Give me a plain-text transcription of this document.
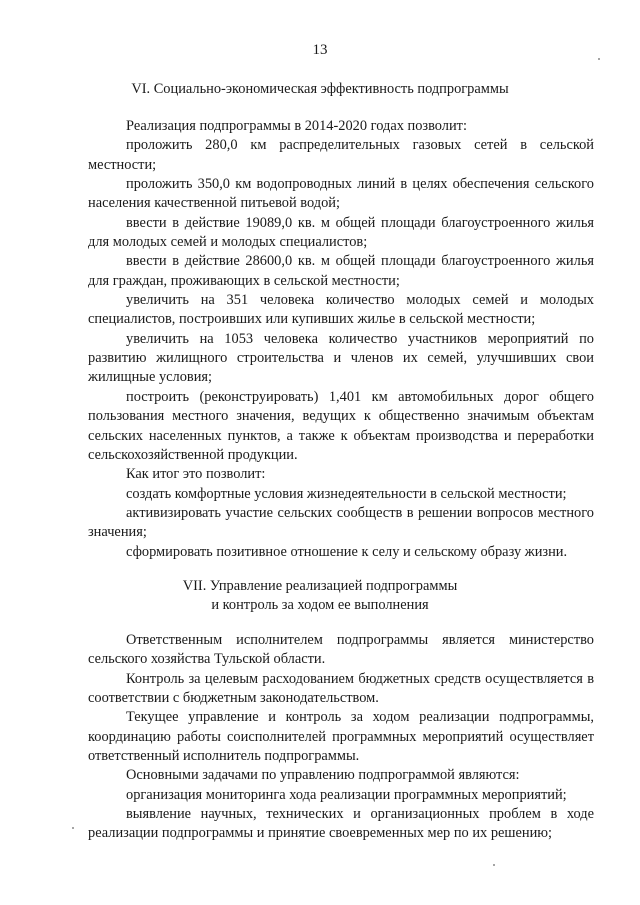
13
VI. Социально-экономическая эффективность подпрограммы

Реализация подпрограммы в 2014-2020 годах позволит:

проложить 280,0 км распределительных газовых сетей в сельской местности;

проложить 350,0 км водопроводных линий в целях обеспечения сельского населения качественной питьевой водой;

ввести в действие 19089,0 кв. м общей площади благоустроенного жилья для молодых семей и молодых специалистов;

ввести в действие 28600,0 кв. м общей площади благоустроенного жилья для граждан, проживающих в сельской местности;

увеличить на 351 человека количество молодых семей и молодых специалистов, построивших или купивших жилье в сельской местности;

увеличить на 1053 человека количество участников мероприятий по развитию жилищного строительства и членов их семей, улучшивших свои жилищные условия;

построить (реконструировать) 1,401 км автомобильных дорог общего пользования местного значения, ведущих к общественно значимым объектам сельских населенных пунктов, а также к объектам производства и переработки сельскохозяйственной продукции.

Как итог это позволит:

создать комфортные условия жизнедеятельности в сельской местности;

активизировать участие сельских сообществ в решении вопросов местного значения;

сформировать позитивное отношение к селу и сельскому образу жизни.

VII. Управление реализацией подпрограммы
и контроль за ходом ее выполнения

Ответственным исполнителем подпрограммы является министерство сельского хозяйства Тульской области.

Контроль за целевым расходованием бюджетных средств осуществляется в соответствии с бюджетным законодательством.

Текущее управление и контроль за ходом реализации подпрограммы, координацию работы соисполнителей программных мероприятий осуществляет ответственный исполнитель подпрограммы.

Основными задачами по управлению подпрограммой являются:

организация мониторинга хода реализации программных мероприятий;

выявление научных, технических и организационных проблем в ходе реализации подпрограммы и принятие своевременных мер по их решению;
